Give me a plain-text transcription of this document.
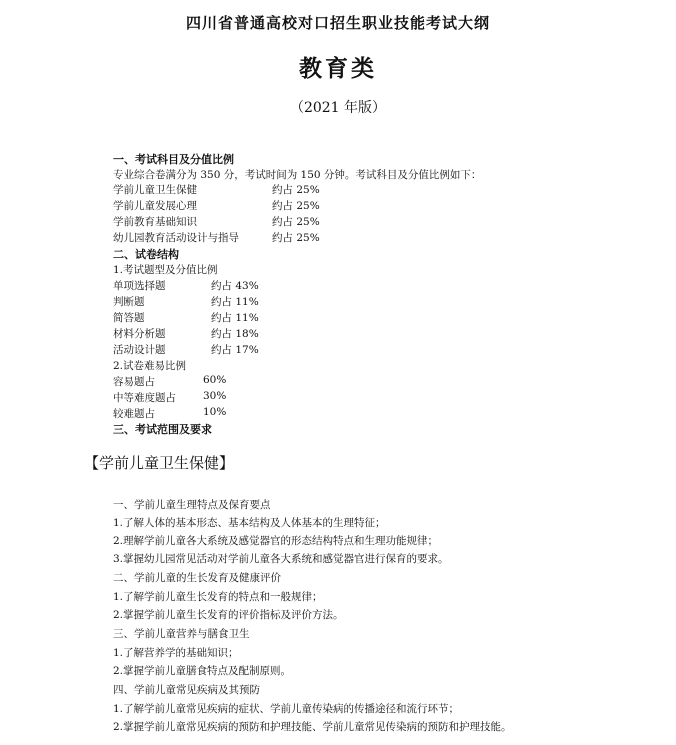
四川省普通高校对口招生职业技能考试大纲
教育类
（2021 年版）
一、考试科目及分值比例
专业综合卷满分为 350 分，考试时间为 150 分钟。考试科目及分值比例如下：
学前儿童卫生保健	约占 25%
学前儿童发展心理	约占 25%
学前教育基础知识	约占 25%
幼儿园教育活动设计与指导	约占 25%
二、试卷结构
1.考试题型及分值比例
单项选择题	约占 43%
判断题	约占 11%
简答题	约占 11%
材料分析题	约占 18%
活动设计题	约占 17%
2.试卷难易比例
容易题占	60%
中等难度题占	30%
较难题占	10%
三、考试范围及要求
【学前儿童卫生保健】
一、学前儿童生理特点及保育要点
1.了解人体的基本形态、基本结构及人体基本的生理特征；
2.理解学前儿童各大系统及感觉器官的形态结构特点和生理功能规律；
3.掌握幼儿园常见活动对学前儿童各大系统和感觉器官进行保育的要求。
二、学前儿童的生长发育及健康评价
1.了解学前儿童生长发育的特点和一般规律；
2.掌握学前儿童生长发育的评价指标及评价方法。
三、学前儿童营养与膳食卫生
1.了解营养学的基础知识；
2.掌握学前儿童膳食特点及配制原则。
四、学前儿童常见疾病及其预防
1.了解学前儿童常见疾病的症状、学前儿童传染病的传播途径和流行环节；
2.掌握学前儿童常见疾病的预防和护理技能、学前儿童常见传染病的预防和护理技能。
